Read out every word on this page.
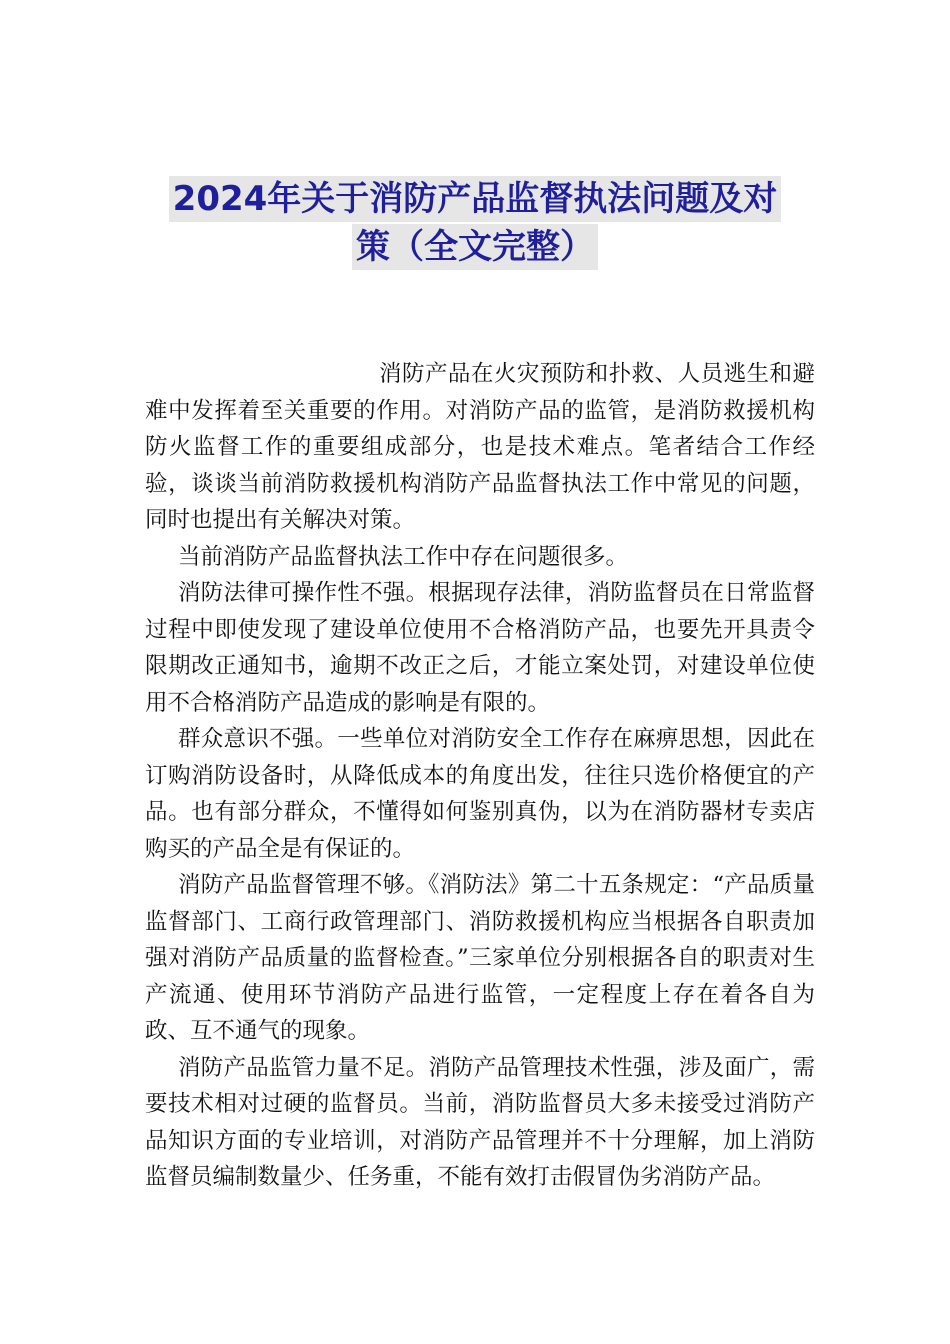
2024年关于消防产品监督执法问题及对
策（全文完整）

消防产品在火灾预防和扑救、人员逃生和避难中发挥着至关重要的作用。对消防产品的监管，是消防救援机构防火监督工作的重要组成部分，也是技术难点。笔者结合工作经验，谈谈当前消防救援机构消防产品监督执法工作中常见的问题，同时也提出有关解决对策。

当前消防产品监督执法工作中存在问题很多。

消防法律可操作性不强。根据现存法律，消防监督员在日常监督过程中即使发现了建设单位使用不合格消防产品，也要先开具责令限期改正通知书，逾期不改正之后，才能立案处罚，对建设单位使用不合格消防产品造成的影响是有限的。

群众意识不强。一些单位对消防安全工作存在麻痹思想，因此在订购消防设备时，从降低成本的角度出发，往往只选价格便宜的产品。也有部分群众，不懂得如何鉴别真伪，以为在消防器材专卖店购买的产品全是有保证的。

消防产品监督管理不够。《消防法》第二十五条规定：“产品质量监督部门、工商行政管理部门、消防救援机构应当根据各自职责加强对消防产品质量的监督检查。”三家单位分别根据各自的职责对生产流通、使用环节消防产品进行监管，一定程度上存在着各自为政、互不通气的现象。

消防产品监管力量不足。消防产品管理技术性强，涉及面广，需要技术相对过硬的监督员。当前，消防监督员大多未接受过消防产品知识方面的专业培训，对消防产品管理并不十分理解，加上消防监督员编制数量少、任务重，不能有效打击假冒伪劣消防产品。
